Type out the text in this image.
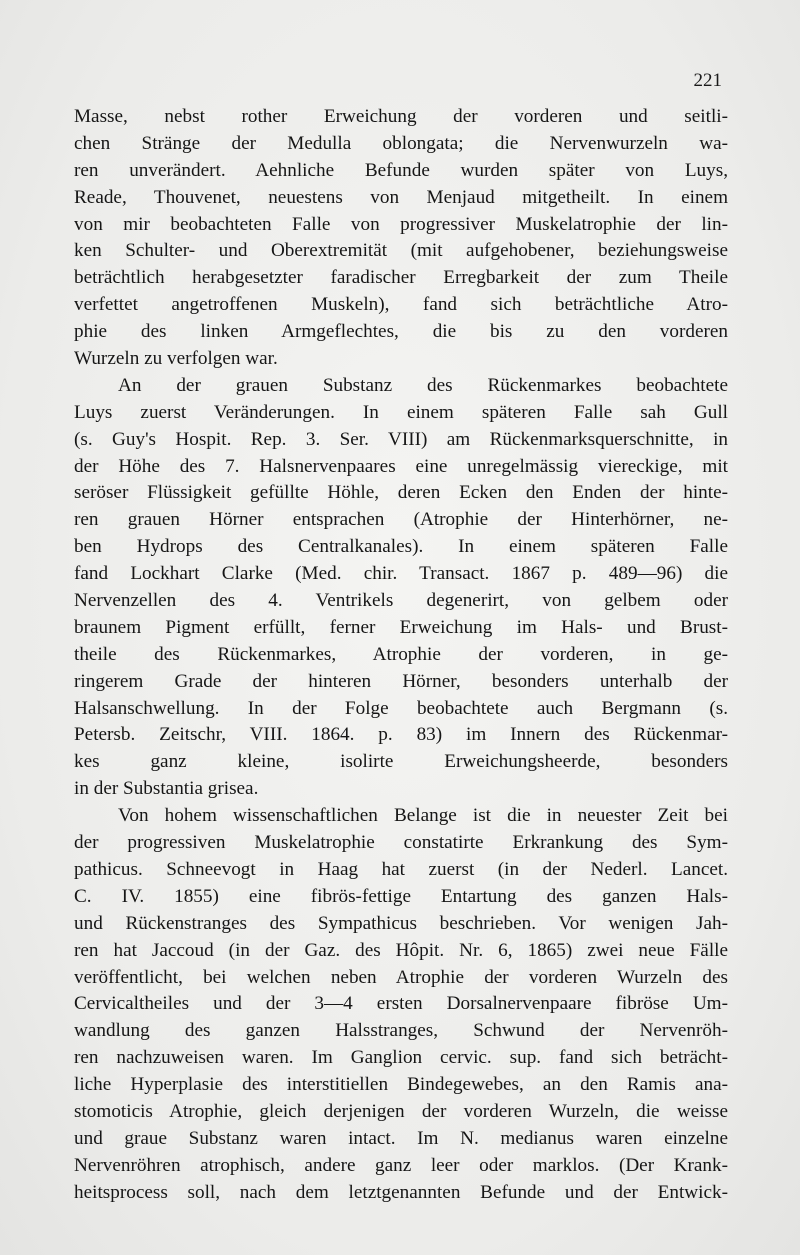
221
Masse, nebst rother Erweichung der vorderen und seitli-
chen Stränge der Medulla oblongata; die Nervenwurzeln wa-
ren unverändert. Aehnliche Befunde wurden später von Luys,
Reade, Thouvenet, neuestens von Menjaud mitgetheilt. In einem
von mir beobachteten Falle von progressiver Muskelatrophie der lin-
ken Schulter- und Oberextremität (mit aufgehobener, beziehungsweise
beträchtlich herabgesetzter faradischer Erregbarkeit der zum Theile
verfettet angetroffenen Muskeln), fand sich beträchtliche Atro-
phie des linken Armgeflechtes, die bis zu den vorderen
Wurzeln zu verfolgen war.
An der grauen Substanz des Rückenmarkes beobachtete
Luys zuerst Veränderungen. In einem späteren Falle sah Gull
(s. Guy's Hospit. Rep. 3. Ser. VIII) am Rückenmarksquerschnitte, in
der Höhe des 7. Halsnervenpaares eine unregelmässig viereckige, mit
seröser Flüssigkeit gefüllte Höhle, deren Ecken den Enden der hinte-
ren grauen Hörner entsprachen (Atrophie der Hinterhörner, ne-
ben Hydrops des Centralkanales). In einem späteren Falle
fand Lockhart Clarke (Med. chir. Transact. 1867 p. 489—96) die
Nervenzellen des 4. Ventrikels degenerirt, von gelbem oder
braunem Pigment erfüllt, ferner Erweichung im Hals- und Brust-
theile des Rückenmarkes, Atrophie der vorderen, in ge-
ringerem Grade der hinteren Hörner, besonders unterhalb der
Halsanschwellung. In der Folge beobachtete auch Bergmann (s.
Petersb. Zeitschr, VIII. 1864. p. 83) im Innern des Rückenmar-
kes ganz kleine, isolirte Erweichungsheerde, besonders
in der Substantia grisea.
Von hohem wissenschaftlichen Belange ist die in neuester Zeit bei
der progressiven Muskelatrophie constatirte Erkrankung des Sym-
pathicus. Schneevogt in Haag hat zuerst (in der Nederl. Lancet.
C. IV. 1855) eine fibrös-fettige Entartung des ganzen Hals-
und Rückenstranges des Sympathicus beschrieben. Vor wenigen Jah-
ren hat Jaccoud (in der Gaz. des Hôpit. Nr. 6, 1865) zwei neue Fälle
veröffentlicht, bei welchen neben Atrophie der vorderen Wurzeln des
Cervicaltheiles und der 3—4 ersten Dorsalnervenpaare fibröse Um-
wandlung des ganzen Halsstranges, Schwund der Nervenröh-
ren nachzuweisen waren. Im Ganglion cervic. sup. fand sich beträcht-
liche Hyperplasie des interstitiellen Bindegewebes, an den Ramis ana-
stomoticis Atrophie, gleich derjenigen der vorderen Wurzeln, die weisse
und graue Substanz waren intact. Im N. medianus waren einzelne
Nervenröhren atrophisch, andere ganz leer oder marklos. (Der Krank-
heitsprocess soll, nach dem letztgenannten Befunde und der Entwick-
